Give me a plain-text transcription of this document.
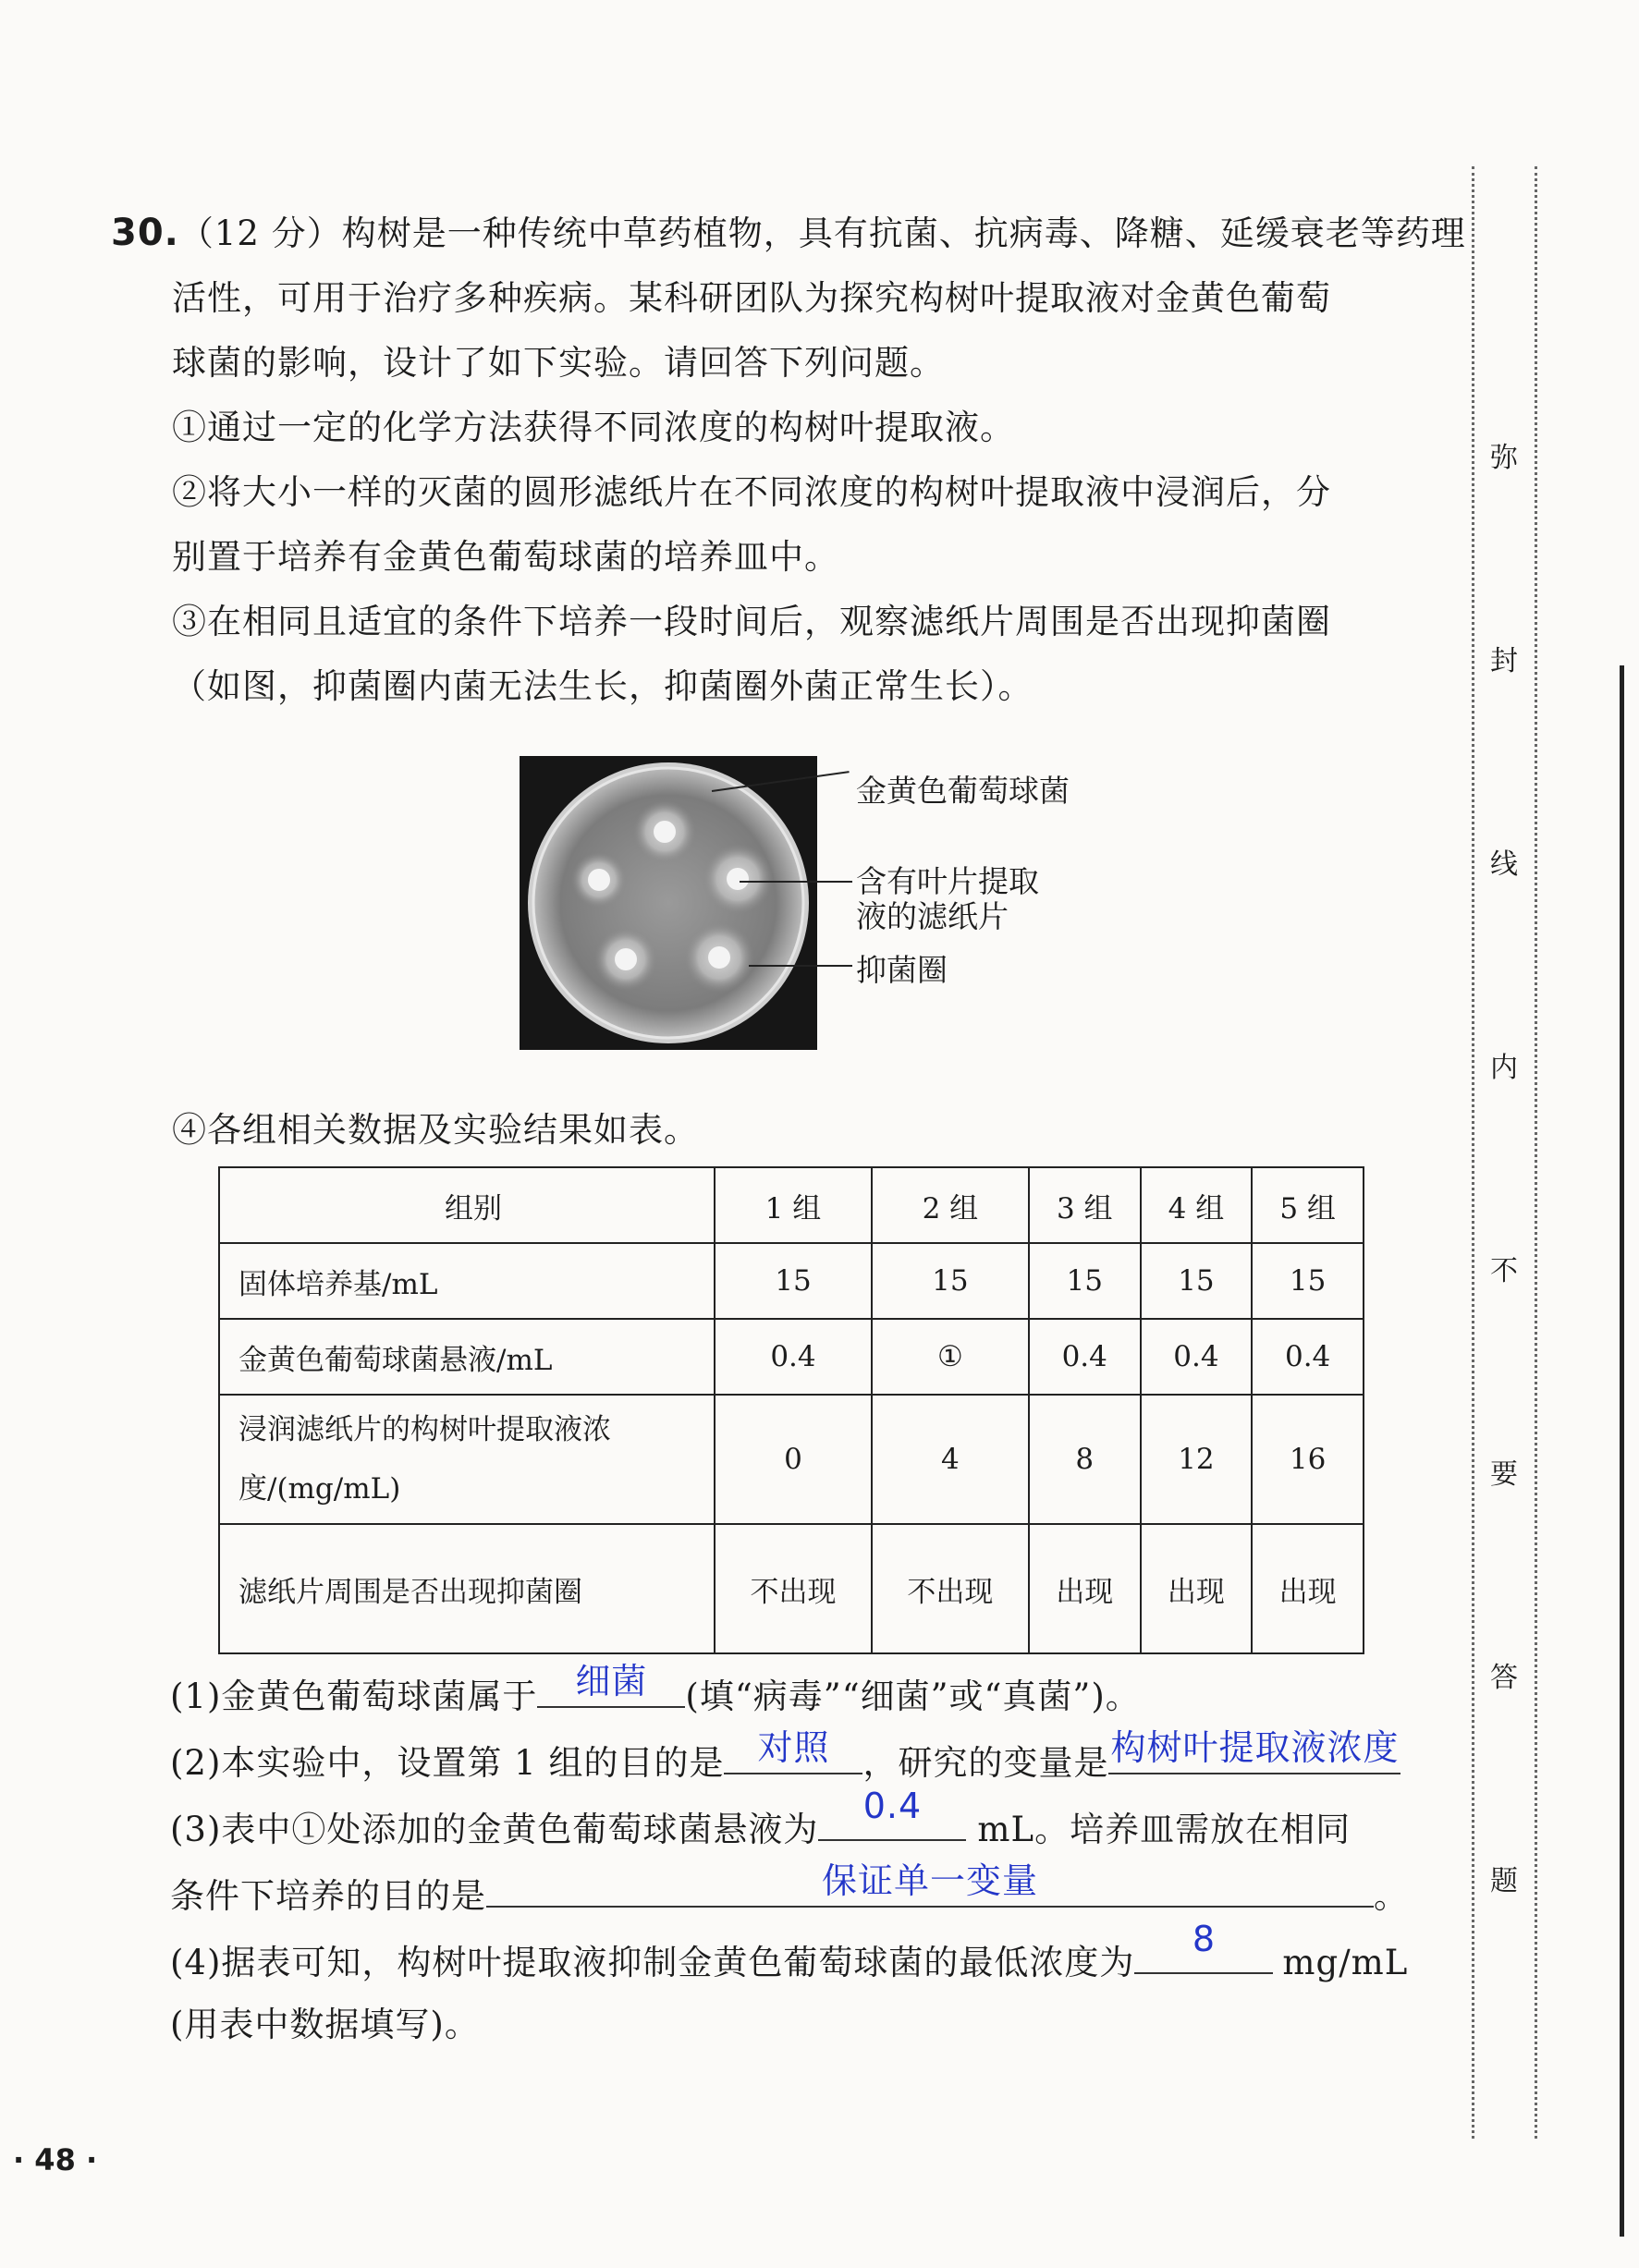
30.（12 分）构树是一种传统中草药植物，具有抗菌、抗病毒、降糖、延缓衰老等药理
活性，可用于治疗多种疾病。某科研团队为探究构树叶提取液对金黄色葡萄
球菌的影响，设计了如下实验。请回答下列问题。
①通过一定的化学方法获得不同浓度的构树叶提取液。
②将大小一样的灭菌的圆形滤纸片在不同浓度的构树叶提取液中浸润后，分
别置于培养有金黄色葡萄球菌的培养皿中。
③在相同且适宜的条件下培养一段时间后，观察滤纸片周围是否出现抑菌圈
（如图，抑菌圈内菌无法生长，抑菌圈外菌正常生长）。
金黄色葡萄球菌
含有叶片提取
液的滤纸片
抑菌圈
④各组相关数据及实验结果如表。
组别	1 组	2 组	3 组	4 组	5 组
固体培养基/mL	15	15	15	15	15
金黄色葡萄球菌悬液/mL	0.4	①	0.4	0.4	0.4

浸润滤纸片的构树叶提取液浓
度/(mg/mL)	0	4	8	12	16
滤纸片周围是否出现抑菌圈	不出现	不出现	出现	出现	出现
(1)金黄色葡萄球菌属于	细菌	(填“病毒”“细菌”或“真菌”)。
(2)本实验中，设置第 1 组的目的是 对照 ，研究的变量是 构树叶提取液浓度
(3)表中①处添加的金黄色葡萄球菌悬液为
0.4
mL。培养皿需放在相同
条件下培养的目的是	保证单一变量	。
(4)据表可知，构树叶提取液抑制金黄色葡萄球菌的最低浓度为
8
mg/mL
(用表中数据填写)。
弥
封
线
内
不
要
答
题
· 48 ·
